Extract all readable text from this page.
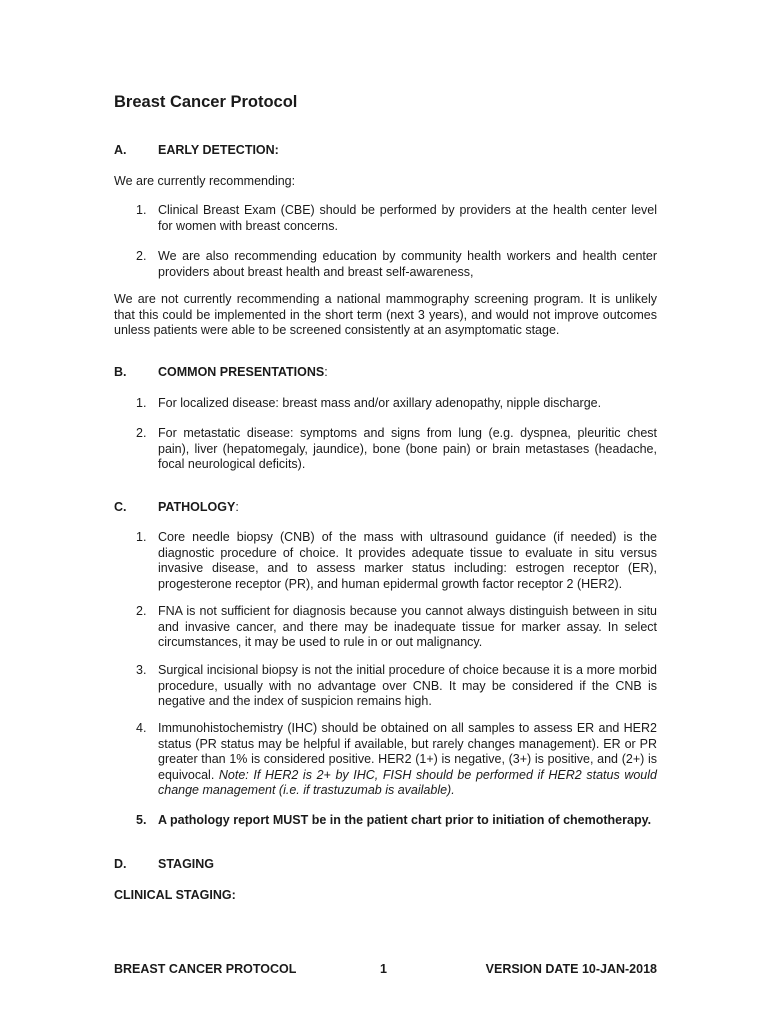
Breast Cancer Protocol
A.	EARLY DETECTION:
We are currently recommending:
1. Clinical Breast Exam (CBE) should be performed by providers at the health center level for women with breast concerns.
2. We are also recommending education by community health workers and health center providers about breast health and breast self-awareness,
We are not currently recommending a national mammography screening program. It is unlikely that this could be implemented in the short term (next 3 years), and would not improve outcomes unless patients were able to be screened consistently at an asymptomatic stage.
B.	COMMON PRESENTATIONS:
1. For localized disease: breast mass and/or axillary adenopathy, nipple discharge.
2. For metastatic disease: symptoms and signs from lung (e.g. dyspnea, pleuritic chest pain), liver (hepatomegaly, jaundice), bone (bone pain) or brain metastases (headache, focal neurological deficits).
C.	PATHOLOGY:
1. Core needle biopsy (CNB) of the mass with ultrasound guidance (if needed) is the diagnostic procedure of choice. It provides adequate tissue to evaluate in situ versus invasive disease, and to assess marker status including: estrogen receptor (ER), progesterone receptor (PR), and human epidermal growth factor receptor 2 (HER2).
2. FNA is not sufficient for diagnosis because you cannot always distinguish between in situ and invasive cancer, and there may be inadequate tissue for marker assay. In select circumstances, it may be used to rule in or out malignancy.
3. Surgical incisional biopsy is not the initial procedure of choice because it is a more morbid procedure, usually with no advantage over CNB. It may be considered if the CNB is negative and the index of suspicion remains high.
4. Immunohistochemistry (IHC) should be obtained on all samples to assess ER and HER2 status (PR status may be helpful if available, but rarely changes management). ER or PR greater than 1% is considered positive. HER2 (1+) is negative, (3+) is positive, and (2+) is equivocal. Note: If HER2 is 2+ by IHC, FISH should be performed if HER2 status would change management (i.e. if trastuzumab is available).
5. A pathology report MUST be in the patient chart prior to initiation of chemotherapy.
D.	STAGING
CLINICAL STAGING:
BREAST CANCER PROTOCOL	1	VERSION DATE 10-JAN-2018
